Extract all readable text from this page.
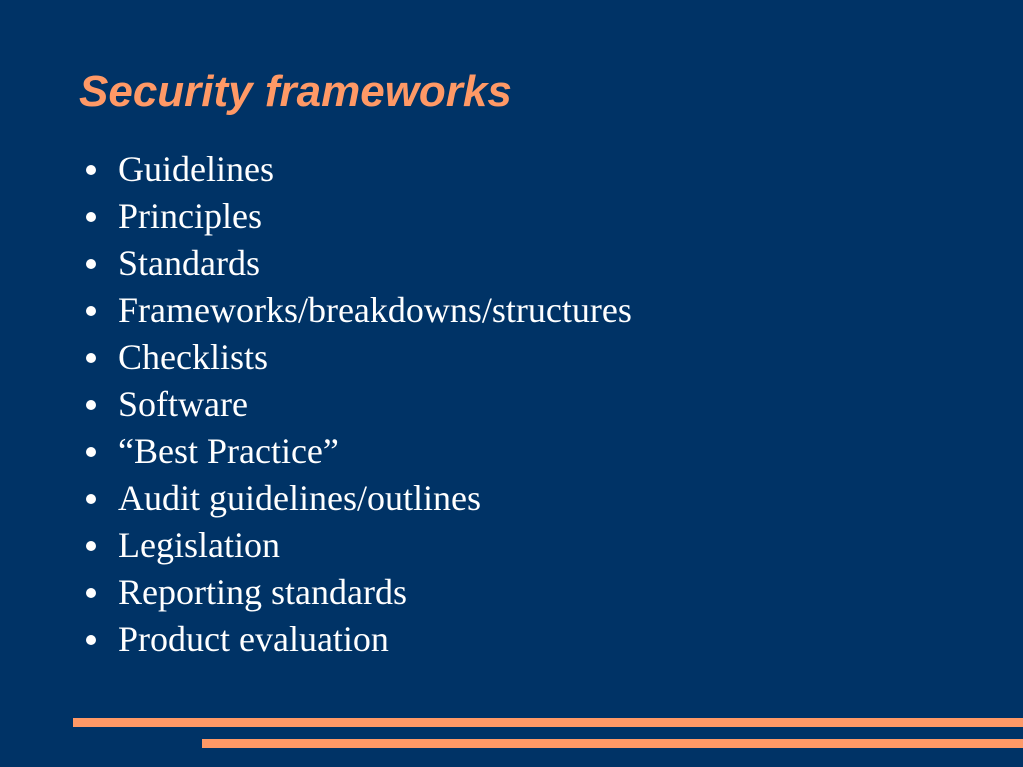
Security frameworks
Guidelines
Principles
Standards
Frameworks/breakdowns/structures
Checklists
Software
“Best Practice”
Audit guidelines/outlines
Legislation
Reporting standards
Product evaluation
